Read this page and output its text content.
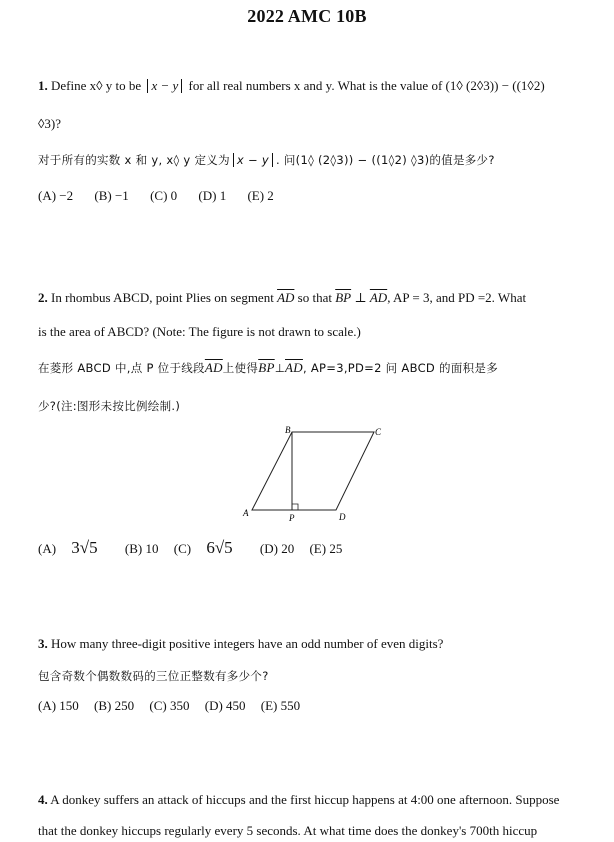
2022 AMC 10B
1. Define x◊ y to be x − y for all real numbers x and y. What is the value of (1◊ (2◊3)) − ((1◊2)
◊3)?
对于所有的实数 x 和 y, x◊ y 定义为 x − y . 问(1◊ (2◊3)) − ((1◊2) ◊3)的值是多少?
(A) −2 (B) −1 (C) 0 (D) 1 (E) 2
2. In rhombus ABCD, point Plies on segment $\overline{AD}$ so that $\overline{BP}$ ⊥ $\overline{AD}$, AP = 3, and PD =2. What
is the area of ABCD? (Note: The figure is not drawn to scale.)
在菱形 ABCD 中,点 P 位于线段$\overline{AD}$上使得$\overline{BP}\perp\overline{AD}$, AP=3,PD=2 问 ABCD 的面积是多
少?(注:图形未按比例绘制.)
A
B	C
D
P
(A) 3√5 (B) 10 (C) 6√5 (D) 20 (E) 25
3. How many three-digit positive integers have an odd number of even digits?
包含奇数个偶数数码的三位正整数有多少个?
(A) 150 (B) 250 (C) 350 (D) 450 (E) 550
4. A donkey suffers an attack of hiccups and the first hiccup happens at 4:00 one afternoon. Suppose
that the donkey hiccups regularly every 5 seconds. At what time does the donkey's 700th hiccup
